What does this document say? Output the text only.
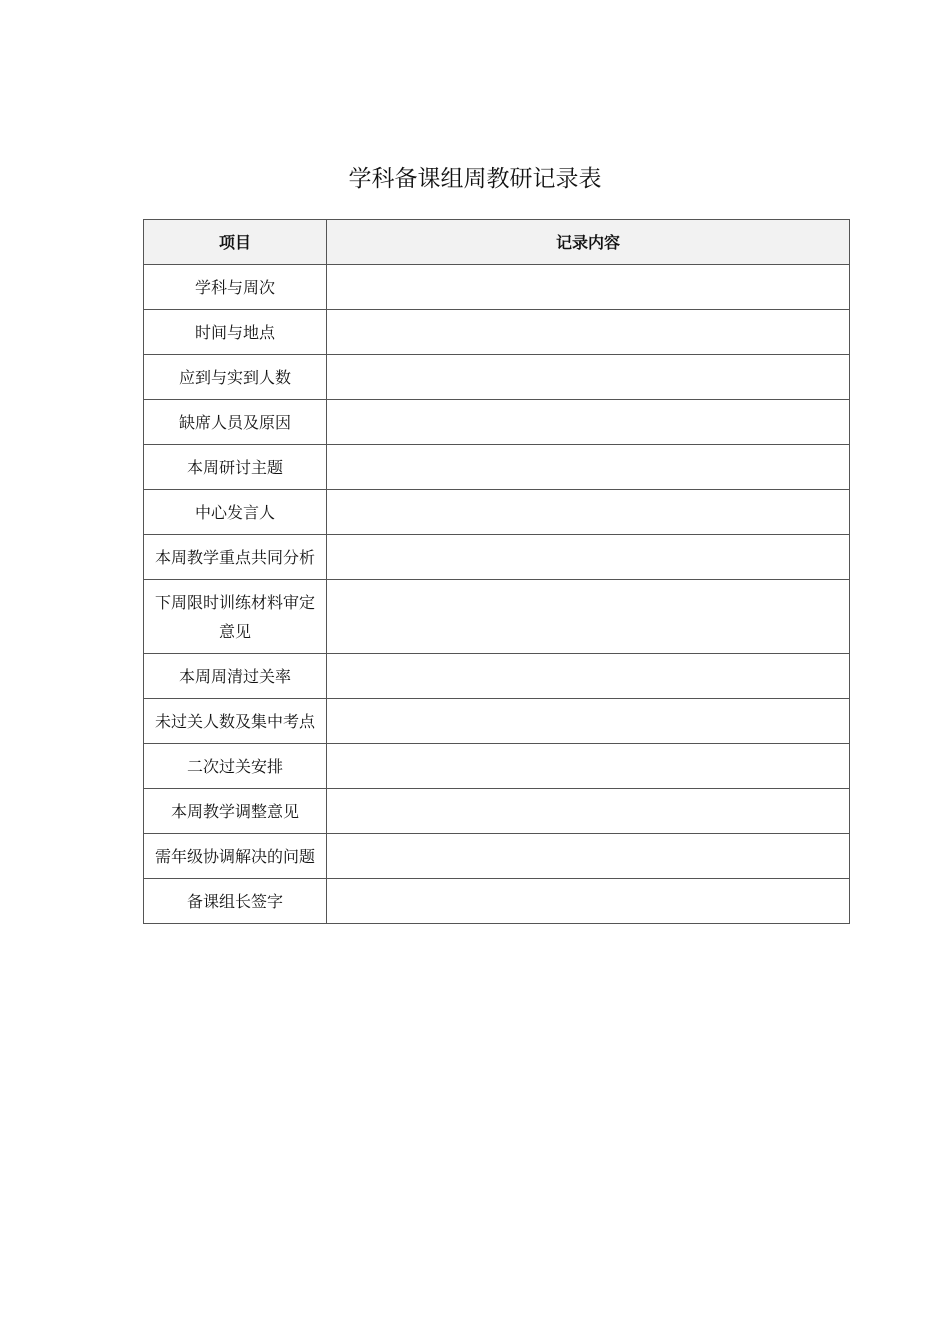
学科备课组周教研记录表
项目	记录内容
学科与周次	
时间与地点	
应到与实到人数	
缺席人员及原因	
本周研讨主题	
中心发言人	
本周教学重点共同分析	
下周限时训练材料审定意见	
本周周清过关率	
未过关人数及集中考点	
二次过关安排	
本周教学调整意见	
需年级协调解决的问题	
备课组长签字	
